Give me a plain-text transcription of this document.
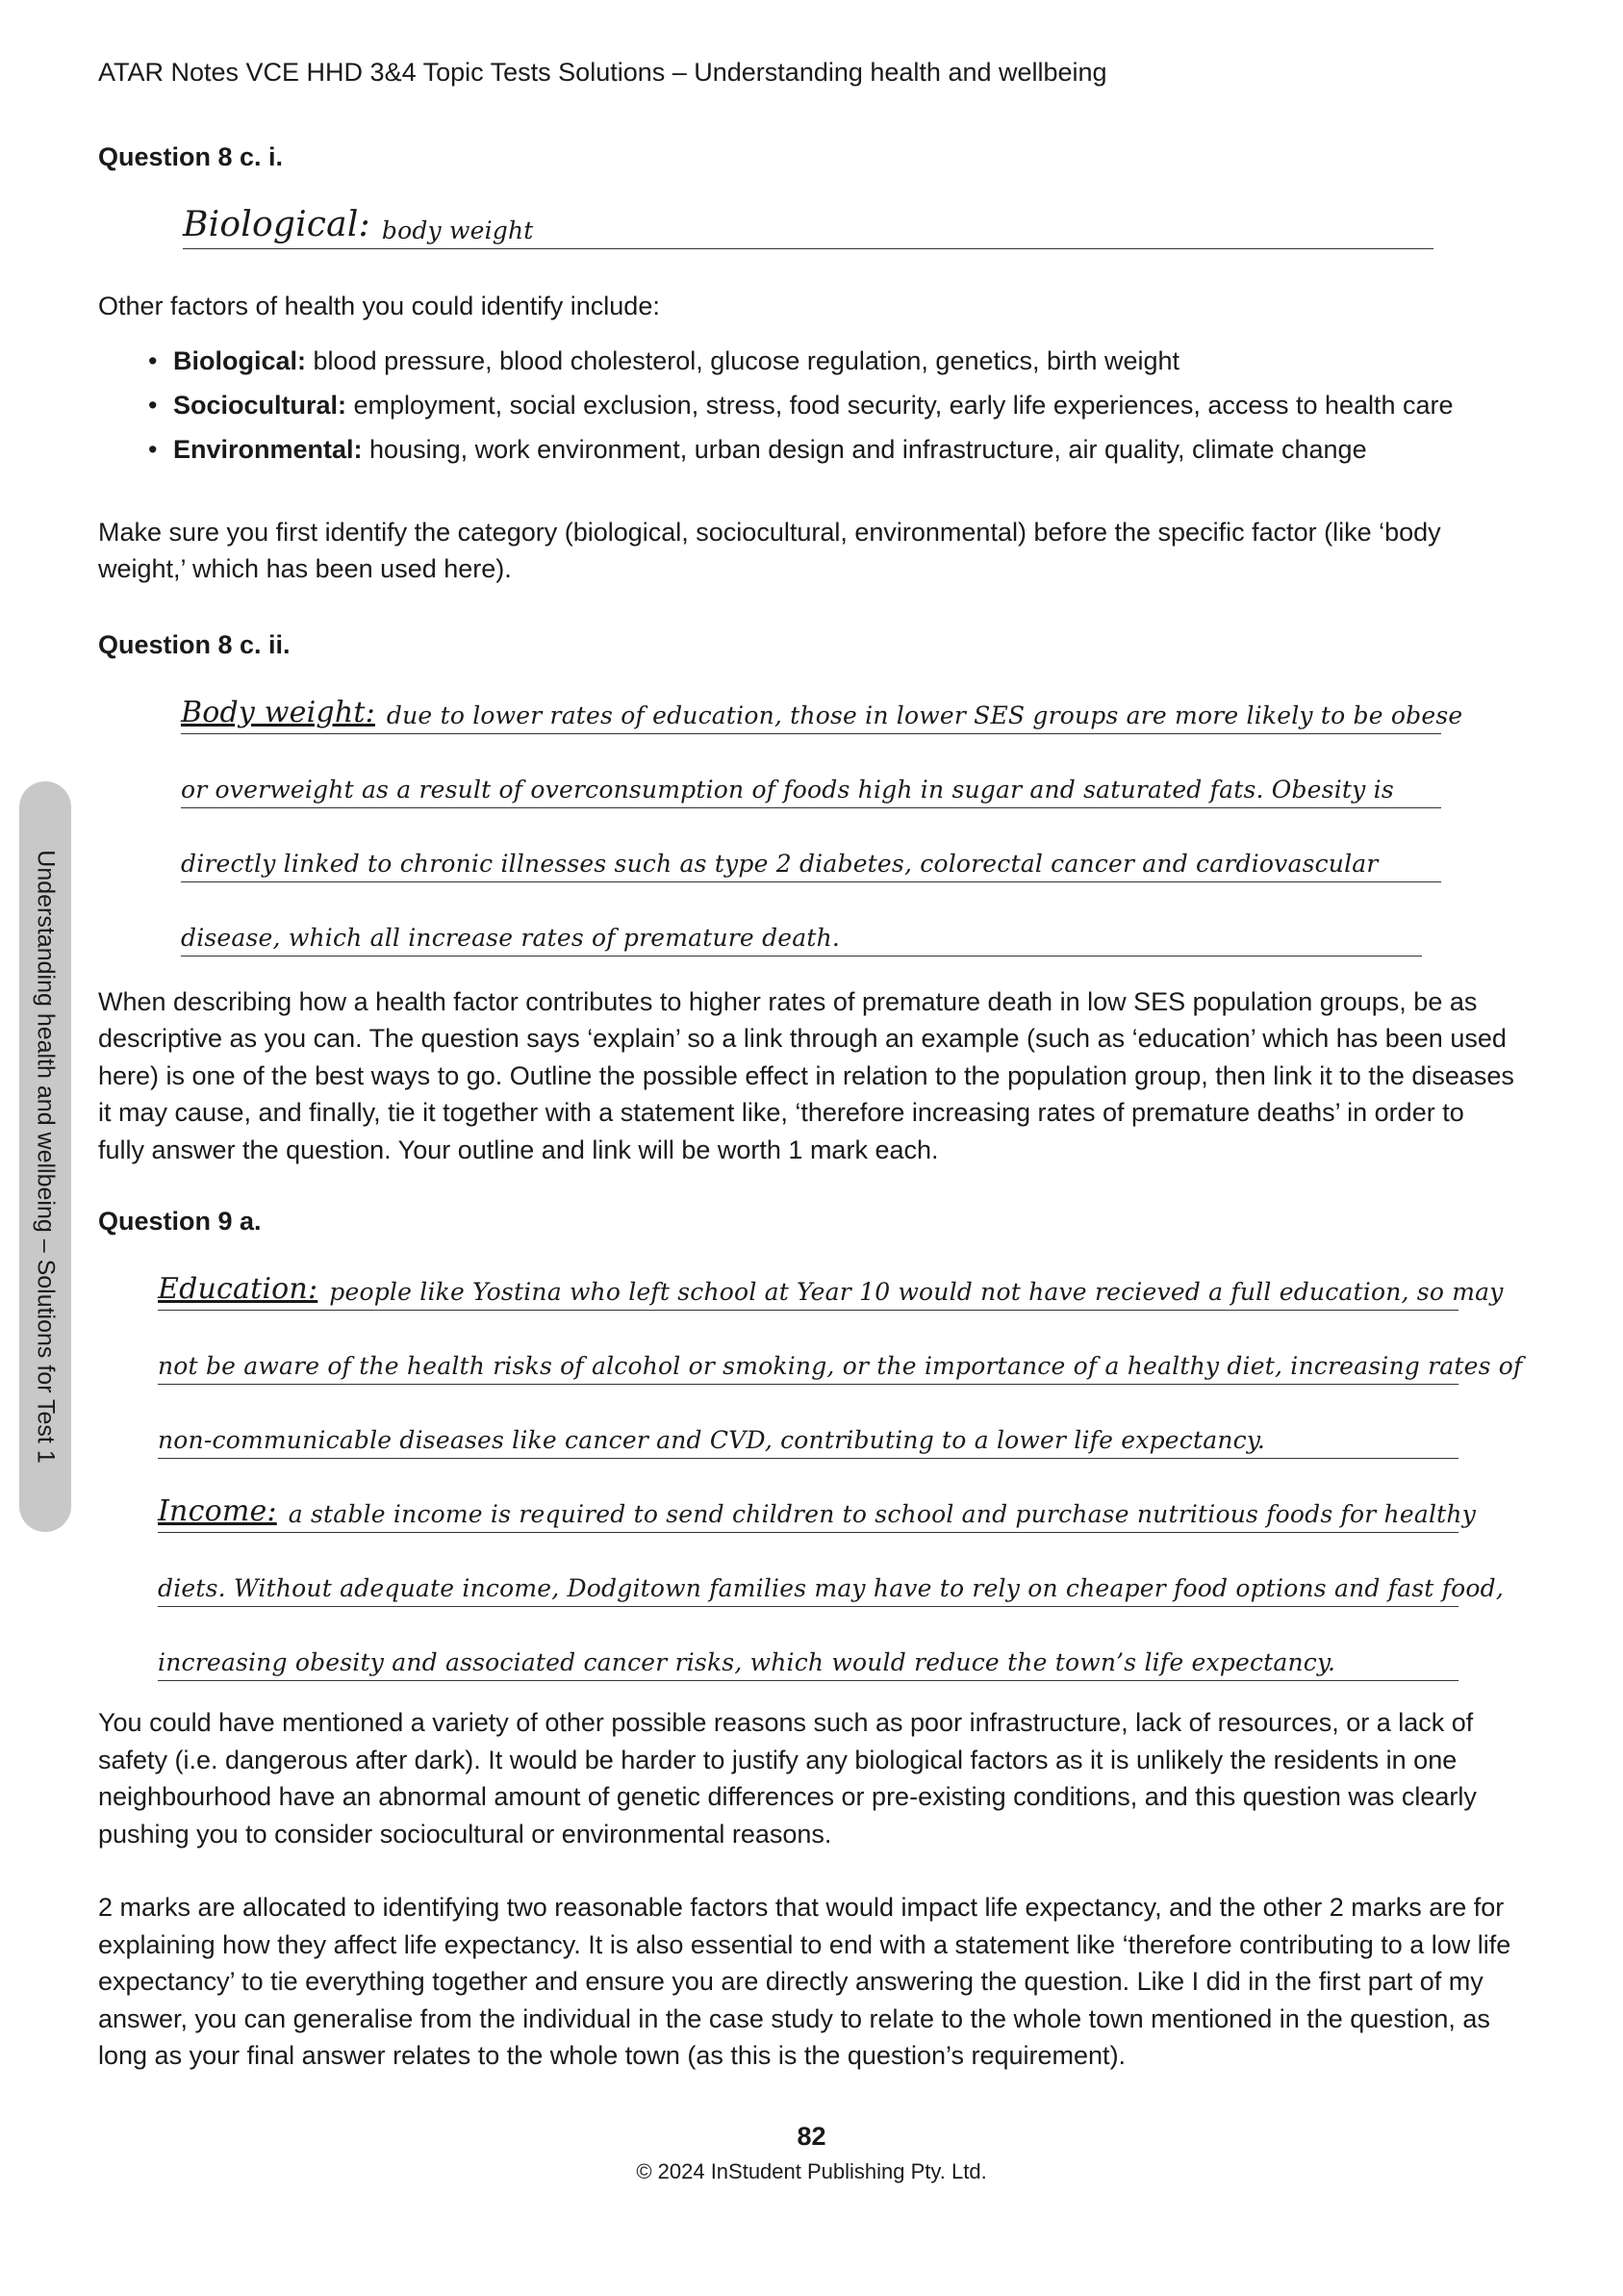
ATAR Notes VCE HHD 3&4 Topic Tests Solutions – Understanding health and wellbeing
Understanding health and wellbeing – Solutions for Test 1
Question 8 c. i.
Biological: body weight

Other factors of health you could identify include:

• Biological: blood pressure, blood cholesterol, glucose regulation, genetics, birth weight
• Sociocultural: employment, social exclusion, stress, food security, early life experiences, access to health care
• Environmental: housing, work environment, urban design and infrastructure, air quality, climate change

Make sure you first identify the category (biological, sociocultural, environmental) before the specific factor (like ‘body weight,’ which has been used here).

Question 8 c. ii.
Body weight: due to lower rates of education, those in lower SES groups are more likely to be obese
or overweight as a result of overconsumption of foods high in sugar and saturated fats. Obesity is
directly linked to chronic illnesses such as type 2 diabetes, colorectal cancer and cardiovascular
disease, which all increase rates of premature death.

When describing how a health factor contributes to higher rates of premature death in low SES population groups, be as descriptive as you can. The question says ‘explain’ so a link through an example (such as ‘education’ which has been used here) is one of the best ways to go. Outline the possible effect in relation to the population group, then link it to the diseases it may cause, and finally, tie it together with a statement like, ‘therefore increasing rates of premature deaths’ in order to fully answer the question. Your outline and link will be worth 1 mark each.

Question 9 a.
Education: people like Yostina who left school at Year 10 would not have recieved a full education, so may
not be aware of the health risks of alcohol or smoking, or the importance of a healthy diet, increasing rates of
non-communicable diseases like cancer and CVD, contributing to a lower life expectancy.
Income: a stable income is required to send children to school and purchase nutritious foods for healthy
diets. Without adequate income, Dodgitown families may have to rely on cheaper food options and fast food,
increasing obesity and associated cancer risks, which would reduce the town’s life expectancy.

You could have mentioned a variety of other possible reasons such as poor infrastructure, lack of resources, or a lack of safety (i.e. dangerous after dark). It would be harder to justify any biological factors as it is unlikely the residents in one neighbourhood have an abnormal amount of genetic differences or pre-existing conditions, and this question was clearly pushing you to consider sociocultural or environmental reasons.

2 marks are allocated to identifying two reasonable factors that would impact life expectancy, and the other 2 marks are for explaining how they affect life expectancy. It is also essential to end with a statement like ‘therefore contributing to a low life expectancy’ to tie everything together and ensure you are directly answering the question. Like I did in the first part of my answer, you can generalise from the individual in the case study to relate to the whole town mentioned in the question, as long as your final answer relates to the whole town (as this is the question’s requirement).

82
© 2024 InStudent Publishing Pty. Ltd.
